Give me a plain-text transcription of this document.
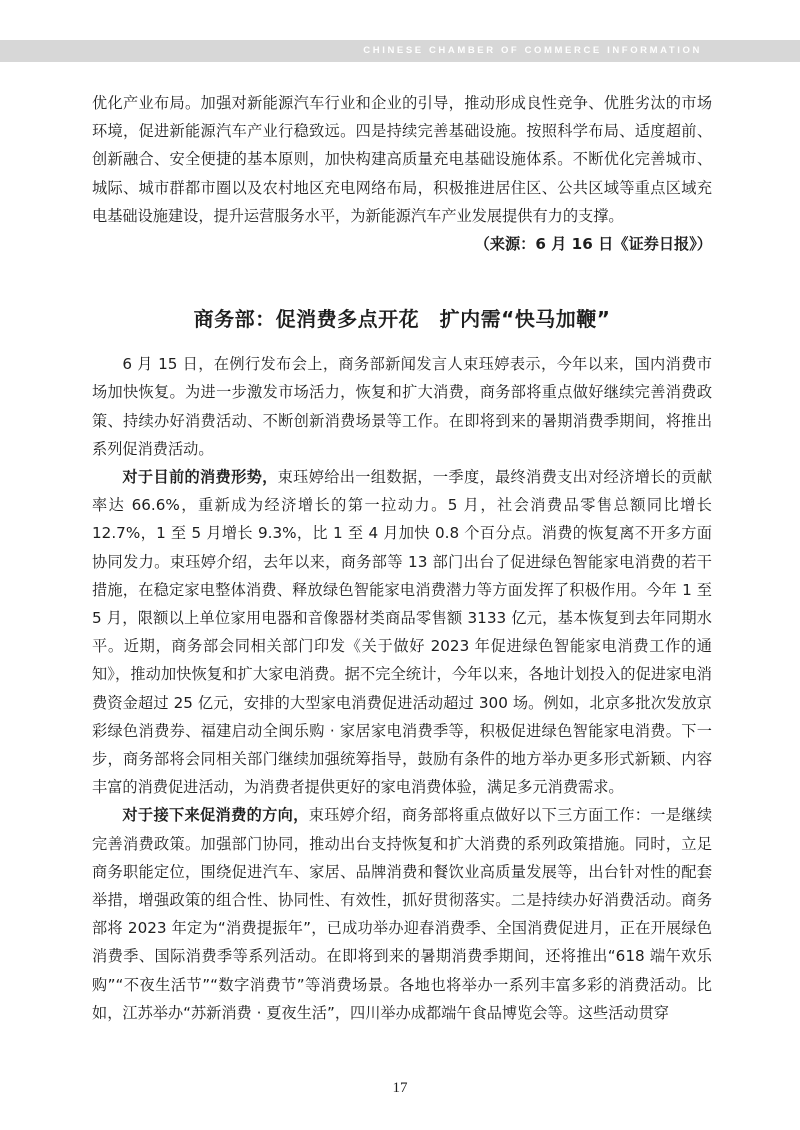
CHINESE CHAMBER OF COMMERCE INFORMATION

优化产业布局。加强对新能源汽车行业和企业的引导，推动形成良性竞争、优胜劣汰的市场环境，促进新能源汽车产业行稳致远。四是持续完善基础设施。按照科学布局、适度超前、创新融合、安全便捷的基本原则，加快构建高质量充电基础设施体系。不断优化完善城市、城际、城市群都市圈以及农村地区充电网络布局，积极推进居住区、公共区域等重点区域充电基础设施建设，提升运营服务水平，为新能源汽车产业发展提供有力的支撑。

（来源：6 月 16 日《证券日报》）

商务部：促消费多点开花　扩内需“快马加鞭”

6 月 15 日，在例行发布会上，商务部新闻发言人束珏婷表示，今年以来，国内消费市场加快恢复。为进一步激发市场活力，恢复和扩大消费，商务部将重点做好继续完善消费政策、持续办好消费活动、不断创新消费场景等工作。在即将到来的暑期消费季期间，将推出系列促消费活动。

对于目前的消费形势，束珏婷给出一组数据，一季度，最终消费支出对经济增长的贡献率达 66.6%，重新成为经济增长的第一拉动力。5 月，社会消费品零售总额同比增长 12.7%，1 至 5 月增长 9.3%，比 1 至 4 月加快 0.8 个百分点。消费的恢复离不开多方面协同发力。束珏婷介绍，去年以来，商务部等 13 部门出台了促进绿色智能家电消费的若干措施，在稳定家电整体消费、释放绿色智能家电消费潜力等方面发挥了积极作用。今年 1 至 5 月，限额以上单位家用电器和音像器材类商品零售额 3133 亿元，基本恢复到去年同期水平。近期，商务部会同相关部门印发《关于做好 2023 年促进绿色智能家电消费工作的通知》，推动加快恢复和扩大家电消费。据不完全统计，今年以来，各地计划投入的促进家电消费资金超过 25 亿元，安排的大型家电消费促进活动超过 300 场。例如，北京多批次发放京彩绿色消费券、福建启动全闽乐购 · 家居家电消费季等，积极促进绿色智能家电消费。下一步，商务部将会同相关部门继续加强统筹指导，鼓励有条件的地方举办更多形式新颖、内容丰富的消费促进活动，为消费者提供更好的家电消费体验，满足多元消费需求。

对于接下来促消费的方向，束珏婷介绍，商务部将重点做好以下三方面工作：一是继续完善消费政策。加强部门协同，推动出台支持恢复和扩大消费的系列政策措施。同时，立足商务职能定位，围绕促进汽车、家居、品牌消费和餐饮业高质量发展等，出台针对性的配套举措，增强政策的组合性、协同性、有效性，抓好贯彻落实。二是持续办好消费活动。商务部将 2023 年定为“消费提振年”，已成功举办迎春消费季、全国消费促进月，正在开展绿色消费季、国际消费季等系列活动。在即将到来的暑期消费季期间，还将推出“618 端午欢乐购”“不夜生活节”“数字消费节”等消费场景。各地也将举办一系列丰富多彩的消费活动。比如，江苏举办“苏新消费 · 夏夜生活”，四川举办成都端午食品博览会等。这些活动贯穿

17
